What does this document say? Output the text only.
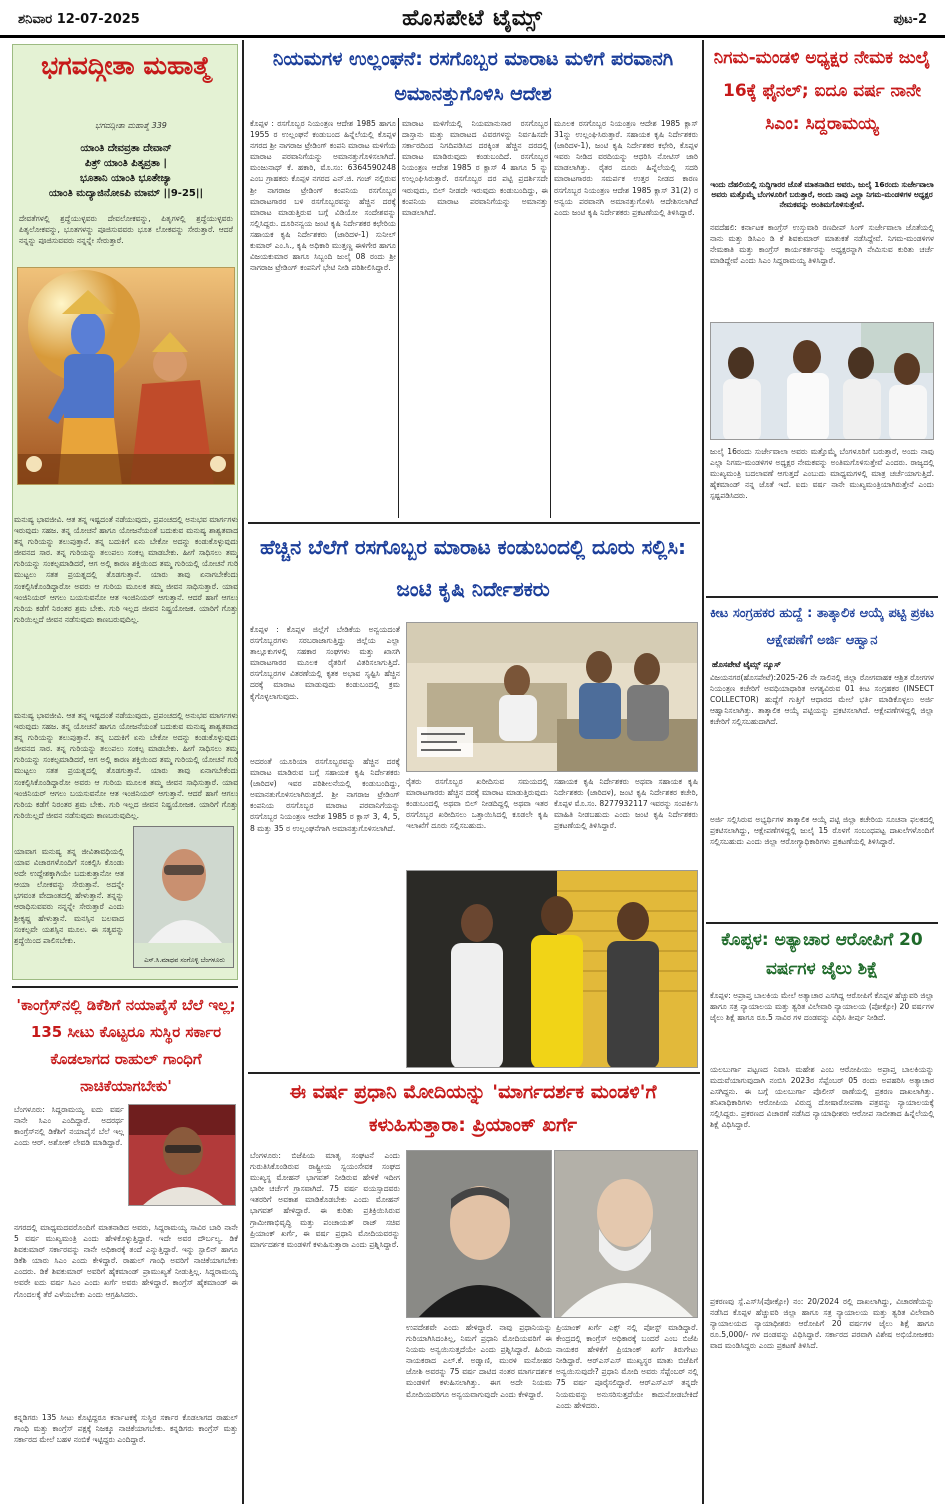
ಶನಿವಾರ 12-07-2025	ಹೊಸಪೇಟೆ ಟೈಮ್ಸ್	ಪುಟ-2
ಭಗವದ್ಗೀತಾ ಮಹಾತ್ಮೆ
ಭಗವದ್ಗೀತಾ ಮಹಾತ್ಮೆ 339
ಯಾಂತಿ ದೇವವ್ರತಾ ದೇವಾನ್
ಪಿತ್ರ್ ಯಾಂತಿ ಪಿತೃವ್ರತಾ |
ಭೂತಾನಿ ಯಾಂತಿ ಭೂತೇಜ್ಯಾ
ಯಾಂತಿ ಮದ್ಯಾಜಿನೋಽಪಿ ಮಾಮ್ ||9-25||
ದೇವತೆಗಳಲ್ಲಿ ಶ್ರದ್ಧೆಯುಳ್ಳವರು ದೇವಲೋಕವನ್ನು, ಪಿತೃಗಳಲ್ಲಿ ಶ್ರದ್ಧೆಯುಳ್ಳವರು ಪಿತೃಲೋಕವನ್ನು, ಭೂತಗಳನ್ನು ಪೂಜಿಸುವವರು ಭೂತ ಲೋಕವನ್ನು ಸೇರುತ್ತಾರೆ. ಆದರೆ ನನ್ನನ್ನು ಪೂಜಿಸುವವರು ನನ್ನನ್ನೇ ಸೇರುತ್ತಾರೆ.
ಮನುಷ್ಯ ಭಾವಜೀವಿ. ಆತ ತನ್ನ ಇಷ್ಟದಂತೆ ನಡೆಯುವುದು, ಪ್ರಪಂಚದಲ್ಲಿ ಅನುಭವ ಮಾರ್ಗಗಳು ಇರುವುದು ಸಹಜ. ತನ್ನ ಯೋಚನೆ ಹಾಗೂ ಯೋಜನೆಯಂತೆ ಬದುಕುವ ಮನುಷ್ಯ ಶಾಶ್ವತವಾದ ತನ್ನ ಗುರಿಯನ್ನು ತಲುಪುತ್ತಾನೆ. ತನ್ನ ಬದುಕಿಗೆ ಏನು ಬೇಕೋ ಅದನ್ನು ಕಂಡುಕೊಳ್ಳುವುದು ಜೀವನದ ಸಾರ. ತನ್ನ ಗುರಿಯನ್ನು ತಲುಪಲು ಸಂಕಲ್ಪ ಮಾಡಬೇಕು. ಹೀಗೆ ಸಾಧಿಸಲು ತಮ್ಮ ಗುರಿಯನ್ನು ಸಂಕಲ್ಪಮಾಡಿದರೆ, ಆಗ ಅಲ್ಲಿ ಕಾರಣ ಶಕ್ತಿಯಿಂದ ತಮ್ಮ ಗುರಿಯಲ್ಲಿ ಯೋಚನೆ ಗುರಿ ಮುಟ್ಟಲು ಸತತ ಪ್ರಯತ್ನದಲ್ಲಿ ತೊಡಗುತ್ತಾನೆ. ಯಾರು ತಾವು ಏನಾಗಬೇಕೆಂದು ಸಂಕಲ್ಪಿಸಿಕೊಂಡಿದ್ದಾರೋ ಅವರು ಆ ಗುರಿಯ ಮೂಲಕ ತಮ್ಮ ಜೀವನ ಸಾಧಿಸುತ್ತಾರೆ. ಯಾವ ಇಂಜಿನಿಯರ್ ಆಗಲು ಬಯಸುವನೋ ಆತ ಇಂಜಿನಿಯರ್ ಆಗುತ್ತಾನೆ. ಆದರೆ ಹಾಗೆ ಆಗಲು ಗುರಿಯ ಕಡೆಗೆ ನಿರಂತರ ಶ್ರಮ ಬೇಕು. ಗುರಿ ಇಲ್ಲದ ಜೀವನ ನಿಷ್ಪ್ರಯೋಜಕ. ಯಾರಿಗೆ ಗೊತ್ತು ಗುರಿಯಿಲ್ಲದೆ ಜೀವನ ನಡೆಸುವುದು ಕಾಣಬರುವುದಿಲ್ಲ.
ಮನುಷ್ಯ ಭಾವಜೀವಿ. ಆತ ತನ್ನ ಇಷ್ಟದಂತೆ ನಡೆಯುವುದು, ಪ್ರಪಂಚದಲ್ಲಿ ಅನುಭವ ಮಾರ್ಗಗಳು ಇರುವುದು ಸಹಜ. ತನ್ನ ಯೋಚನೆ ಹಾಗೂ ಯೋಜನೆಯಂತೆ ಬದುಕುವ ಮನುಷ್ಯ ಶಾಶ್ವತವಾದ ತನ್ನ ಗುರಿಯನ್ನು ತಲುಪುತ್ತಾನೆ. ತನ್ನ ಬದುಕಿಗೆ ಏನು ಬೇಕೋ ಅದನ್ನು ಕಂಡುಕೊಳ್ಳುವುದು ಜೀವನದ ಸಾರ. ತನ್ನ ಗುರಿಯನ್ನು ತಲುಪಲು ಸಂಕಲ್ಪ ಮಾಡಬೇಕು. ಹೀಗೆ ಸಾಧಿಸಲು ತಮ್ಮ ಗುರಿಯನ್ನು ಸಂಕಲ್ಪಮಾಡಿದರೆ, ಆಗ ಅಲ್ಲಿ ಕಾರಣ ಶಕ್ತಿಯಿಂದ ತಮ್ಮ ಗುರಿಯಲ್ಲಿ ಯೋಚನೆ ಗುರಿ ಮುಟ್ಟಲು ಸತತ ಪ್ರಯತ್ನದಲ್ಲಿ ತೊಡಗುತ್ತಾನೆ. ಯಾರು ತಾವು ಏನಾಗಬೇಕೆಂದು ಸಂಕಲ್ಪಿಸಿಕೊಂಡಿದ್ದಾರೋ ಅವರು ಆ ಗುರಿಯ ಮೂಲಕ ತಮ್ಮ ಜೀವನ ಸಾಧಿಸುತ್ತಾರೆ. ಯಾವ ಇಂಜಿನಿಯರ್ ಆಗಲು ಬಯಸುವನೋ ಆತ ಇಂಜಿನಿಯರ್ ಆಗುತ್ತಾನೆ. ಆದರೆ ಹಾಗೆ ಆಗಲು ಗುರಿಯ ಕಡೆಗೆ ನಿರಂತರ ಶ್ರಮ ಬೇಕು. ಗುರಿ ಇಲ್ಲದ ಜೀವನ ನಿಷ್ಪ್ರಯೋಜಕ. ಯಾರಿಗೆ ಗೊತ್ತು ಗುರಿಯಿಲ್ಲದೆ ಜೀವನ ನಡೆಸುವುದು ಕಾಣಬರುವುದಿಲ್ಲ.
ಯಾವಾಗ ಮನುಷ್ಯ ತನ್ನ ಜೀವಿತಾವಧಿಯಲ್ಲಿ ಯಾವ ವಿಚಾರಗಳೊಂದಿಗೆ ಸಂಕಲ್ಪಿಸಿ ಕೊಂಡು ಅದೇ ಉದ್ದೇಶಕ್ಕಾಗಿಯೇ ಬದುಕುತ್ತಾನೋ ಆತ ಆಯಾ ಲೋಕವನ್ನು ಸೇರುತ್ತಾನೆ. ಅದನ್ನೇ ಭಗವಂತ ವೇದಾಂತದಲ್ಲಿ ಹೇಳುತ್ತಾನೆ. ತನ್ನನ್ನು ಆರಾಧಿಸುವವರು ನನ್ನನ್ನೇ ಸೇರುತ್ತಾರೆ ಎಂದು ಶ್ರೀಕೃಷ್ಣ ಹೇಳುತ್ತಾನೆ. ಮನಸ್ಸಿನ ಬಲವಾದ ಸಂಕಲ್ಪವೇ ಯಶಸ್ಸಿನ ಮೂಲ. ಈ ಸತ್ಯವನ್ನು ಶ್ರದ್ಧೆಯಿಂದ ಪಾಲಿಸಬೇಕು.
ಎಸ್.ಸಿ.ಮಾಧವ ಸಂಗೊಳ್ಳಿ ಬೆಂಗಳೂರು
'ಕಾಂಗ್ರೆಸ್‌ನಲ್ಲಿ ಡಿಕೆಶಿಗೆ ನಯಾಪೈಸೆ ಬೆಲೆ ಇಲ್ಲ; 135 ಸೀಟು ಕೊಟ್ಟರೂ ಸುಸ್ಥಿರ ಸರ್ಕಾರ ಕೊಡಲಾಗದ ರಾಹುಲ್ ಗಾಂಧಿಗೆ ನಾಚಿಕೆಯಾಗಬೇಕು'
ಬೆಂಗಳೂರು: ಸಿದ್ದರಾಮಯ್ಯ ಐದು ವರ್ಷ ನಾನೇ ಸಿಎಂ ಎಂದಿದ್ದಾರೆ. ಅದರರ್ಥ ಕಾಂಗ್ರೆಸ್‌ನಲ್ಲಿ ಡಿಕೆಶಿಗೆ ನಯಾಪೈಸೆ ಬೆಲೆ ಇಲ್ಲ ಎಂದು ಆರ್. ಅಶೋಕ್ ಲೇವಡಿ ಮಾಡಿದ್ದಾರೆ.
ನಗರದಲ್ಲಿ ಮಾಧ್ಯಮದವರೊಂದಿಗೆ ಮಾತನಾಡಿದ ಅವರು, ಸಿದ್ದರಾಮಯ್ಯ ಸಾವಿರ ಬಾರಿ ನಾನೇ 5 ವರ್ಷ ಮುಖ್ಯಮಂತ್ರಿ ಎಂದು ಹೇಳಿಕೊಳ್ಳುತ್ತಿದ್ದಾರೆ. ಇದೇ ಅವರ ದೌರ್ಬಲ್ಯ. ಡಿಕೆ ಶಿವಕುಮಾರ್ ಸರ್ಕಾರವನ್ನು ನಾನೇ ಅಧಿಕಾರಕ್ಕೆ ತಂದೆ ಎನ್ನುತ್ತಿದ್ದಾರೆ. ಇನ್ನು ಸ್ಟಾಲಿನ್ ಹಾಗೂ ಡಿಕೆಶಿ ಯಾರು ಸಿಎಂ ಎಂದು ಕೇಳಿದ್ದಾರೆ. ರಾಹುಲ್ ಗಾಂಧಿ ಅವರಿಗೆ ನಾಚಿಕೆಯಾಗಬೇಕು ಎಂದರು. ಡಿಕೆ ಶಿವಕುಮಾರ್ ಅವರಿಗೆ ಹೈಕಮಾಂಡ್ ಪ್ರಾಮುಖ್ಯತೆ ನೀಡುತ್ತಿಲ್ಲ. ಸಿದ್ದರಾಮಯ್ಯ ಅವರೇ ಐದು ವರ್ಷ ಸಿಎಂ ಎಂದು ಖರ್ಗೆ ಅವರು ಹೇಳಿದ್ದಾರೆ. ಕಾಂಗ್ರೆಸ್ ಹೈಕಮಾಂಡ್ ಈ ಗೊಂದಲಕ್ಕೆ ತೆರೆ ಎಳೆಯಬೇಕು ಎಂದು ಆಗ್ರಹಿಸಿದರು.
ಕನ್ನಡಿಗರು 135 ಸೀಟು ಕೊಟ್ಟಿದ್ದರೂ ಕರ್ನಾಟಕಕ್ಕೆ ಸುಸ್ಥಿರ ಸರ್ಕಾರ ಕೊಡಲಾಗದ ರಾಹುಲ್ ಗಾಂಧಿ ಮತ್ತು ಕಾಂಗ್ರೆಸ್ ಪಕ್ಷಕ್ಕೆ ನಿಜಕ್ಕೂ ನಾಚಿಕೆಯಾಗಬೇಕು. ಕನ್ನಡಿಗರು ಕಾಂಗ್ರೆಸ್ ಮತ್ತು ಸರ್ಕಾರದ ಮೇಲೆ ಬಹಳ ನಂಬಿಕೆ ಇಟ್ಟಿದ್ದರು ಎಂದಿದ್ದಾರೆ.
ನಿಯಮಗಳ ಉಲ್ಲಂಘನೆ: ರಸಗೊಬ್ಬರ ಮಾರಾಟ ಮಳಿಗೆ ಪರವಾನಗಿ ಅಮಾನತ್ತುಗೊಳಿಸಿ ಆದೇಶ
ಕೊಪ್ಪಳ : ರಸಗೊಬ್ಬರ ನಿಯಂತ್ರಣ ಆದೇಶ 1985 ಹಾಗೂ 1955 ರ ಉಲ್ಲಂಘನೆ ಕಂಡುಬಂದ ಹಿನ್ನೆಲೆಯಲ್ಲಿ ಕೊಪ್ಪಳ ನಗರದ ಶ್ರೀ ನಾಗರಾಜ ಟ್ರೇಡಿಂಗ್ ಕಂಪನಿ ಮಾರಾಟ ಮಳಿಗೆಯ ಮಾರಾಟ ಪರವಾನಿಗೆಯನ್ನು ಅಮಾನತ್ತುಗೊಳಿಸಲಾಗಿದೆ. ಮಂಜುನಾಥ್ ಕೆ. ಹಕಾರಿ, ಮೊ.ಸಂ: 6364590248 ಎಂಬ ಗ್ರಾಹಕರು ಕೊಪ್ಪಳ ನಗರದ ಎನ್.ಜಿ. ಗಂಜ್ ನಲ್ಲಿರುವ ಶ್ರೀ ನಾಗರಾಜ ಟ್ರೇಡಿಂಗ್ ಕಂಪನಿಯ ರಸಗೊಬ್ಬರ ಮಾರಾಟಗಾರರ ಬಳಿ ರಸಗೊಬ್ಬರವನ್ನು ಹೆಚ್ಚಿನ ದರಕ್ಕೆ ಮಾರಾಟ ಮಾಡುತ್ತಿರುವ ಬಗ್ಗೆ ವಿಡಿಯೋ ಸಂದೇಶವನ್ನು ಸಲ್ಲಿಸಿದ್ದರು. ದೂರಿನನ್ವಯ ಜಂಟಿ ಕೃಷಿ ನಿರ್ದೇಶಕರ ಕಛೇರಿಯ ಸಹಾಯಕ ಕೃಷಿ ನಿರ್ದೇಶಕರು (ಜಾರಿದಳ-1) ಸುನೀಲ್ ಕುಮಾರ್ ಎಂ.ಸಿ., ಕೃಷಿ ಅಧಿಕಾರಿ ಮುತ್ತಣ್ಣ ಈಳಿಗೇರ ಹಾಗೂ ವಿಜಯಕುಮಾರ ಹಾಗೂ ಸಿಬ್ಬಂದಿ ಜುಲೈ 08 ರಂದು ಶ್ರೀ ನಾಗರಾಜ ಟ್ರೇಡಿಂಗ್ ಕಂಪನಿಗೆ ಭೇಟಿ ನೀಡಿ ಪರಿಶೀಲಿಸಿದ್ದಾರೆ.
ಮಾರಾಟ ಮಳಿಗೆಯಲ್ಲಿ ನಿಯಮಾನುಸಾರ ರಸಗೊಬ್ಬರ ದಾಸ್ತಾನು ಮತ್ತು ಮಾರಾಟದ ವಿವರಗಳನ್ನು ನಿರ್ವಹಿಸದೇ ಸರ್ಕಾರದಿಂದ ನಿಗದಿಪಡಿಸಿದ ದರಕ್ಕಿಂತ ಹೆಚ್ಚಿನ ದರದಲ್ಲಿ ಮಾರಾಟ ಮಾಡಿರುವುದು ಕಂಡುಬಂದಿದೆ. ರಸಗೊಬ್ಬರ ನಿಯಂತ್ರಣ ಆದೇಶ 1985 ರ ಕ್ಲಾಸ್ 4 ಹಾಗೂ 5 ನ್ನು ಉಲ್ಲಂಘಿಸಿರುತ್ತಾರೆ. ರಸಗೊಬ್ಬರ ದರ ಪಟ್ಟಿ ಪ್ರದರ್ಶಿಸದೇ ಇರುವುದು, ಬಿಲ್ ನೀಡದೇ ಇರುವುದು ಕಂಡುಬಂದಿದ್ದು, ಈ ಕಂಪನಿಯ ಮಾರಾಟ ಪರವಾನಿಗೆಯನ್ನು ಅಮಾನತ್ತು ಮಾಡಲಾಗಿದೆ.
ಮೂಲಕ ರಸಗೊಬ್ಬರ ನಿಯಂತ್ರಣ ಆದೇಶ 1985 ಕ್ಲಾಸ್ 31ನ್ನು ಉಲ್ಲಂಘಿಸಿರುತ್ತಾರೆ. ಸಹಾಯಕ ಕೃಷಿ ನಿರ್ದೇಶಕರು (ಜಾರಿದಳ-1), ಜಂಟಿ ಕೃಷಿ ನಿರ್ದೇಶಕರ ಕಛೇರಿ, ಕೊಪ್ಪಳ ಇವರು ನೀಡಿದ ವರದಿಯನ್ನು ಆಧರಿಸಿ ನೋಟಿಸ್ ಜಾರಿ ಮಾಡಲಾಗಿತ್ತು. ರೈತರ ದೂರು ಹಿನ್ನೆಲೆಯಲ್ಲಿ ಸದರಿ ಮಾರಾಟಗಾರರು ಸಮರ್ಪಕ ಉತ್ತರ ನೀಡದ ಕಾರಣ ರಸಗೊಬ್ಬರ ನಿಯಂತ್ರಣ ಆದೇಶ 1985 ಕ್ಲಾಸ್ 31(2) ರ ಅನ್ವಯ ಪರವಾನಗಿ ಅಮಾನತ್ತುಗೊಳಿಸಿ ಆದೇಶಿಸಲಾಗಿದೆ ಎಂದು ಜಂಟಿ ಕೃಷಿ ನಿರ್ದೇಶಕರು ಪ್ರಕಟಣೆಯಲ್ಲಿ ತಿಳಿಸಿದ್ದಾರೆ.
ಹೆಚ್ಚಿನ ಬೆಲೆಗೆ ರಸಗೊಬ್ಬರ ಮಾರಾಟ ಕಂಡುಬಂದಲ್ಲಿ ದೂರು ಸಲ್ಲಿಸಿ: ಜಂಟಿ ಕೃಷಿ ನಿರ್ದೇಶಕರು
ಕೊಪ್ಪಳ : ಕೊಪ್ಪಳ ಜಿಲ್ಲೆಗೆ ಬೇಡಿಕೆಯ ಅನ್ವಯದಂತೆ ರಸಗೊಬ್ಬರಗಳು ಸರಬರಾಜಾಗುತ್ತಿದ್ದು ಜಿಲ್ಲೆಯ ಎಲ್ಲಾ ತಾಲ್ಲೂಕುಗಳಲ್ಲಿ ಸಹಕಾರ ಸಂಘಗಳು ಮತ್ತು ಖಾಸಗಿ ಮಾರಾಟಗಾರರ ಮೂಲಕ ರೈತರಿಗೆ ವಿತರಿಸಲಾಗುತ್ತಿದೆ. ರಸಗೊಬ್ಬರಗಳ ವಿತರಣೆಯಲ್ಲಿ ಕೃತಕ ಅಭಾವ ಸೃಷ್ಟಿಸಿ ಹೆಚ್ಚಿನ ದರಕ್ಕೆ ಮಾರಾಟ ಮಾಡುವುದು ಕಂಡುಬಂದಲ್ಲಿ ಕ್ರಮ ಕೈಗೊಳ್ಳಲಾಗುವುದು.
ಅದರಂತೆ ಯೂರಿಯಾ ರಸಗೊಬ್ಬರವನ್ನು ಹೆಚ್ಚಿನ ದರಕ್ಕೆ ಮಾರಾಟ ಮಾಡಿರುವ ಬಗ್ಗೆ ಸಹಾಯಕ ಕೃಷಿ ನಿರ್ದೇಶಕರು (ಜಾರಿದಳ) ಇವರ ಪರಿಶೀಲನೆಯಲ್ಲಿ ಕಂಡುಬಂದಿದ್ದು, ಅಮಾನತುಗೊಳಿಸಲಾಗಿರುತ್ತದೆ. ಶ್ರೀ ನಾಗರಾಜ ಟ್ರೇಡಿಂಗ್ ಕಂಪನಿಯ ರಸಗೊಬ್ಬರ ಮಾರಾಟ ಪರವಾನಿಗೆಯನ್ನು ರಸಗೊಬ್ಬರ ನಿಯಂತ್ರಣ ಆದೇಶ 1985 ರ ಕ್ಲಾಸ್ 3, 4, 5, 8 ಮತ್ತು 35 ರ ಉಲ್ಲಂಘನೆಗಾಗಿ ಅಮಾನತ್ತುಗೊಳಿಸಲಾಗಿದೆ.
ರೈತರು ರಸಗೊಬ್ಬರ ಖರೀದಿಸುವ ಸಮಯದಲ್ಲಿ ಮಾರಾಟಗಾರರು ಹೆಚ್ಚಿನ ದರಕ್ಕೆ ಮಾರಾಟ ಮಾಡುತ್ತಿರುವುದು ಕಂಡುಬಂದಲ್ಲಿ ಅಥವಾ ಬಿಲ್ ನೀಡದಿದ್ದಲ್ಲಿ ಅಥವಾ ಇತರ ರಸಗೊಬ್ಬರ ಖರೀದಿಸಲು ಒತ್ತಾಯಿಸಿದಲ್ಲಿ ಕೂಡಲೇ ಕೃಷಿ ಇಲಾಖೆಗೆ ದೂರು ಸಲ್ಲಿಸಬಹುದು.
ಸಹಾಯಕ ಕೃಷಿ ನಿರ್ದೇಶಕರು ಅಥವಾ ಸಹಾಯಕ ಕೃಷಿ ನಿರ್ದೇಶಕರು (ಜಾರಿದಳ), ಜಂಟಿ ಕೃಷಿ ನಿರ್ದೇಶಕರ ಕಚೇರಿ, ಕೊಪ್ಪಳ ಮೊ.ಸಂ. 8277932117 ಇವರನ್ನು ಸಂಪರ್ಕಿಸಿ ಮಾಹಿತಿ ನೀಡಬಹುದು ಎಂದು ಜಂಟಿ ಕೃಷಿ ನಿರ್ದೇಶಕರು ಪ್ರಕಟಣೆಯಲ್ಲಿ ತಿಳಿಸಿದ್ದಾರೆ.
ಈ ವರ್ಷ ಪ್ರಧಾನಿ ಮೋದಿಯನ್ನು 'ಮಾರ್ಗದರ್ಶಕ ಮಂಡಳಿ'ಗೆ ಕಳುಹಿಸುತ್ತಾರಾ: ಪ್ರಿಯಾಂಕ್ ಖರ್ಗೆ
ಬೆಂಗಳೂರು: ಬಿಜೆಪಿಯ ಮಾತೃ ಸಂಘಟನೆ ಎಂದು ಗುರುತಿಸಿಕೊಂಡಿರುವ ರಾಷ್ಟ್ರೀಯ ಸ್ವಯಂಸೇವಕ ಸಂಘದ ಮುಖ್ಯಸ್ಥ ಮೋಹನ್ ಭಾಗವತ್ ನೀಡಿರುವ ಹೇಳಿಕೆ ಇದೀಗ ಭಾರೀ ಚರ್ಚೆಗೆ ಗ್ರಾಸವಾಗಿದೆ. 75 ವರ್ಷ ವಯಸ್ಸಾದವರು ಇತರರಿಗೆ ಅವಕಾಶ ಮಾಡಿಕೊಡಬೇಕು ಎಂದು ಮೋಹನ್ ಭಾಗವತ್ ಹೇಳಿದ್ದಾರೆ. ಈ ಕುರಿತು ಪ್ರತಿಕ್ರಿಯಿಸಿರುವ ಗ್ರಾಮೀಣಾಭಿವೃದ್ಧಿ ಮತ್ತು ಪಂಚಾಯತ್ ರಾಜ್ ಸಚಿವ ಪ್ರಿಯಾಂಕ್ ಖರ್ಗೆ, ಈ ವರ್ಷ ಪ್ರಧಾನಿ ಮೋದಿಯವರನ್ನು ಮಾರ್ಗದರ್ಶಕ ಮಂಡಳಿಗೆ ಕಳುಹಿಸುತ್ತಾರಾ ಎಂದು ಪ್ರಶ್ನಿಸಿದ್ದಾರೆ.
ಉಪದೇಶವೇ ಎಂದು ಹೇಳಿದ್ದಾರೆ. ನಾವು ಪ್ರಧಾನಿಯನ್ನು ಗುರಿಯಾಗಿಸಿದಂತಿಲ್ಲ, ನಿಮಗೆ ಪ್ರಧಾನಿ ಮೋದಿಯವರಿಗೆ ಈ ನಿಯಮ ಅನ್ವಯಿಸುತ್ತದೆಯೇ ಎಂದು ಪ್ರಶ್ನಿಸಿದ್ದಾರೆ. ಹಿರಿಯ ನಾಯಕರಾದ ಎಲ್.ಕೆ. ಅಡ್ವಾಣಿ, ಮುರಳಿ ಮನೋಹರ ಜೋಶಿ ಅವರನ್ನು 75 ವರ್ಷ ದಾಟಿದ ನಂತರ ಮಾರ್ಗದರ್ಶಕ ಮಂಡಳಿಗೆ ಕಳುಹಿಸಲಾಗಿತ್ತು. ಈಗ ಅದೇ ನಿಯಮ ಮೋದಿಯವರಿಗೂ ಅನ್ವಯವಾಗುವುದೇ ಎಂದು ಕೇಳಿದ್ದಾರೆ.
ಪ್ರಿಯಾಂಕ್ ಖರ್ಗೆ ಎಕ್ಸ್ ನಲ್ಲಿ ಪೋಸ್ಟ್ ಮಾಡಿದ್ದಾರೆ. ಕೇಂದ್ರದಲ್ಲಿ ಕಾಂಗ್ರೆಸ್ ಅಧಿಕಾರಕ್ಕೆ ಬಂದರೆ ಎಂಬ ಬಿಜೆಪಿ ನಾಯಕರ ಹೇಳಿಕೆಗೆ ಪ್ರಿಯಾಂಕ್ ಖರ್ಗೆ ತಿರುಗೇಟು ನೀಡಿದ್ದಾರೆ. ಆರ್‌ಎಸ್‌ಎಸ್ ಮುಖ್ಯಸ್ಥರ ಮಾತು ಬಿಜೆಪಿಗೆ ಅನ್ವಯಿಸುವುದೇ? ಪ್ರಧಾನಿ ಮೋದಿ ಅವರು ಸೆಪ್ಟೆಂಬರ್ ನಲ್ಲಿ 75 ವರ್ಷ ಪೂರೈಸಲಿದ್ದಾರೆ. ಆರ್‌ಎಸ್‌ಎಸ್ ತನ್ನದೇ ನಿಯಮವನ್ನು ಅನುಸರಿಸುತ್ತದೆಯೇ ಕಾದುನೋಡಬೇಕಿದೆ ಎಂದು ಹೇಳಿದರು.
ನಿಗಮ-ಮಂಡಳಿ ಅಧ್ಯಕ್ಷರ ನೇಮಕ ಜುಲೈ 16ಕ್ಕೆ ಫೈನಲ್; ಐದೂ ವರ್ಷ ನಾನೇ ಸಿಎಂ: ಸಿದ್ದರಾಮಯ್ಯ
ಇಂದು ದೆಹಲಿಯಲ್ಲಿ ಸುದ್ದಿಗಾರರ ಜೊತೆ ಮಾತನಾಡಿದ ಅವರು, ಜುಲೈ 16ರಂದು ಸುರ್ಜೇವಾಲಾ ಅವರು ಮತ್ತೊಮ್ಮೆ ಬೆಂಗಳೂರಿಗೆ ಬರುತ್ತಾರೆ, ಅಂದು ನಾವು ಎಲ್ಲಾ ನಿಗಮ-ಮಂಡಳಿಗಳ ಅಧ್ಯಕ್ಷರ ನೇಮಕವನ್ನು ಅಂತಿಮಗೊಳಿಸುತ್ತೇವೆ.
ನವದೆಹಲಿ: ಕರ್ನಾಟಕ ಕಾಂಗ್ರೆಸ್ ಉಸ್ತುವಾರಿ ರಣದೀಪ್ ಸಿಂಗ್ ಸುರ್ಜೇವಾಲಾ ಜೊತೆಯಲ್ಲಿ ನಾನು ಮತ್ತು ಡಿಸಿಎಂ ಡಿ ಕೆ ಶಿವಕುಮಾರ್ ಮಾತುಕತೆ ನಡೆಸಿದ್ದೇವೆ. ನಿಗಮ-ಮಂಡಳಿಗಳ ನೇಮಕಾತಿ ಮತ್ತು ಕಾಂಗ್ರೆಸ್ ಕಾರ್ಯಕರ್ತರನ್ನು ಅಧ್ಯಕ್ಷರನ್ನಾಗಿ ನೇಮಿಸುವ ಕುರಿತು ಚರ್ಚೆ ಮಾಡಿದ್ದೇವೆ ಎಂದು ಸಿಎಂ ಸಿದ್ದರಾಮಯ್ಯ ತಿಳಿಸಿದ್ದಾರೆ.
ಜುಲೈ 16ರಂದು ಸುರ್ಜೇವಾಲಾ ಅವರು ಮತ್ತೊಮ್ಮೆ ಬೆಂಗಳೂರಿಗೆ ಬರುತ್ತಾರೆ, ಅಂದು ನಾವು ಎಲ್ಲಾ ನಿಗಮ-ಮಂಡಳಿಗಳ ಅಧ್ಯಕ್ಷರ ನೇಮಕವನ್ನು ಅಂತಿಮಗೊಳಿಸುತ್ತೇವೆ ಎಂದರು. ರಾಜ್ಯದಲ್ಲಿ ಮುಖ್ಯಮಂತ್ರಿ ಬದಲಾವಣೆ ಆಗುತ್ತದೆ ಎಂಬುದು ಮಾಧ್ಯಮಗಳಲ್ಲಿ ಮಾತ್ರ ಚರ್ಚೆಯಾಗುತ್ತಿದೆ. ಹೈಕಮಾಂಡ್ ನನ್ನ ಜೊತೆ ಇದೆ. ಐದು ವರ್ಷ ನಾನೇ ಮುಖ್ಯಮಂತ್ರಿಯಾಗಿರುತ್ತೇನೆ ಎಂದು ಸ್ಪಷ್ಟಪಡಿಸಿದರು.
ಕೀಟ ಸಂಗ್ರಹಕರ ಹುದ್ದೆ : ತಾತ್ಕಾಲಿಕ ಆಯ್ಕೆ ಪಟ್ಟಿ ಪ್ರಕಟ ಆಕ್ಷೇಪಣೆಗೆ ಅರ್ಜಿ ಆಹ್ವಾನ
ಹೊಸಪೇಟೆ ಟೈಮ್ಸ್ ನ್ಯೂಸ್
ವಿಜಯನಗರ(ಹೊಸಪೇಟೆ):2025-26 ನೇ ಸಾಲಿನಲ್ಲಿ ಜಿಲ್ಲಾ ರೋಗವಾಹಕ ಆಶ್ರಿತ ರೋಗಗಳ ನಿಯಂತ್ರಣ ಕಚೇರಿಗೆ ಅವಧಿಯಾಧಾರಿತ ಅಗತ್ಯವಿರುವ 01 ಕೀಟ ಸಂಗ್ರಹಕರ (INSECT COLLECTOR) ಹುದ್ದೆಗೆ ಗುತ್ತಿಗೆ ಆಧಾರದ ಮೇಲೆ ಭರ್ತಿ ಮಾಡಿಕೊಳ್ಳಲು ಅರ್ಜಿ ಆಹ್ವಾನಿಸಲಾಗಿತ್ತು. ತಾತ್ಕಾಲಿಕ ಆಯ್ಕೆ ಪಟ್ಟಿಯನ್ನು ಪ್ರಕಟಿಸಲಾಗಿದೆ. ಆಕ್ಷೇಪಣೆಗಳಿದ್ದಲ್ಲಿ ಜಿಲ್ಲಾ ಕಚೇರಿಗೆ ಸಲ್ಲಿಸಬಹುದಾಗಿದೆ.
ಅರ್ಜಿ ಸಲ್ಲಿಸಿರುವ ಅಭ್ಯರ್ಥಿಗಳ ತಾತ್ಕಾಲಿಕ ಆಯ್ಕೆ ಪಟ್ಟಿ ಜಿಲ್ಲಾ ಕಚೇರಿಯ ಸೂಚನಾ ಫಲಕದಲ್ಲಿ ಪ್ರಕಟಿಸಲಾಗಿದ್ದು, ಆಕ್ಷೇಪಣೆಗಳಿದ್ದಲ್ಲಿ ಜುಲೈ 15 ರೊಳಗೆ ಸಂಬಂಧಪಟ್ಟ ದಾಖಲೆಗಳೊಂದಿಗೆ ಸಲ್ಲಿಸಬಹುದು ಎಂದು ಜಿಲ್ಲಾ ಆರೋಗ್ಯಾಧಿಕಾರಿಗಳು ಪ್ರಕಟಣೆಯಲ್ಲಿ ತಿಳಿಸಿದ್ದಾರೆ.
ಕೊಪ್ಪಳ: ಅತ್ಯಾಚಾರ ಆರೋಪಿಗೆ 20 ವರ್ಷಗಳ ಜೈಲು ಶಿಕ್ಷೆ
ಕೊಪ್ಪಳ: ಅಪ್ರಾಪ್ತ ಬಾಲಕಿಯ ಮೇಲೆ ಅತ್ಯಾಚಾರ ಎಸಗಿದ್ದ ಆರೋಪಿಗೆ ಕೊಪ್ಪಳ ಹೆಚ್ಚುವರಿ ಜಿಲ್ಲಾ ಹಾಗೂ ಸತ್ರ ನ್ಯಾಯಾಲಯ ಮತ್ತು ತ್ವರಿತ ವಿಲೇವಾರಿ ನ್ಯಾಯಾಲಯ (ಪೋಕ್ಸೋ) 20 ವರ್ಷಗಳ ಜೈಲು ಶಿಕ್ಷೆ ಹಾಗೂ ರೂ.5 ಸಾವಿರ ಗಳ ದಂಡವನ್ನು ವಿಧಿಸಿ ತೀರ್ಪು ನೀಡಿದೆ.
ಯಲಬುರ್ಗಾ ಪಟ್ಟಣದ ನಿವಾಸಿ ಮಹೇಶ ಎಂಬ ಆರೋಪಿಯು ಅಪ್ರಾಪ್ತ ಬಾಲಕಿಯನ್ನು ಮದುವೆಯಾಗುವುದಾಗಿ ನಂಬಿಸಿ 2023ರ ಸೆಪ್ಟೆಂಬರ್ 05 ರಂದು ಅಪಹರಿಸಿ ಅತ್ಯಾಚಾರ ಎಸಗಿದ್ದನು. ಈ ಬಗ್ಗೆ ಯಲಬುರ್ಗಾ ಪೊಲೀಸ್ ಠಾಣೆಯಲ್ಲಿ ಪ್ರಕರಣ ದಾಖಲಾಗಿತ್ತು. ತನಿಖಾಧಿಕಾರಿಗಳು ಆರೋಪಿಯ ವಿರುದ್ಧ ದೋಷಾರೋಪಣಾ ಪತ್ರವನ್ನು ನ್ಯಾಯಾಲಯಕ್ಕೆ ಸಲ್ಲಿಸಿದ್ದರು. ಪ್ರಕರಣದ ವಿಚಾರಣೆ ನಡೆಸಿದ ನ್ಯಾಯಾಧೀಶರು ಆರೋಪ ಸಾಬೀತಾದ ಹಿನ್ನೆಲೆಯಲ್ಲಿ ಶಿಕ್ಷೆ ವಿಧಿಸಿದ್ದಾರೆ.
ಪ್ರಕರಣವು ಸ್ಪೆ.ಎಸ್‌ಸಿ(ಪೋಕ್ಸೋ) ನಂ: 20/2024 ರಲ್ಲಿ ದಾಖಲಾಗಿದ್ದು, ವಿಚಾರಣೆಯನ್ನು ನಡೆಸಿದ ಕೊಪ್ಪಳ ಹೆಚ್ಚುವರಿ ಜಿಲ್ಲಾ ಹಾಗೂ ಸತ್ರ ನ್ಯಾಯಾಲಯ ಮತ್ತು ತ್ವರಿತ ವಿಲೇವಾರಿ ನ್ಯಾಯಾಲಯದ ನ್ಯಾಯಾಧೀಶರು ಆರೋಪಿಗೆ 20 ವರ್ಷಗಳ ಜೈಲು ಶಿಕ್ಷೆ ಹಾಗೂ ರೂ.5,000/- ಗಳ ದಂಡವನ್ನು ವಿಧಿಸಿದ್ದಾರೆ. ಸರ್ಕಾರದ ಪರವಾಗಿ ವಿಶೇಷ ಅಭಿಯೋಜಕರು ವಾದ ಮಂಡಿಸಿದ್ದರು ಎಂದು ಪ್ರಕಟಣೆ ತಿಳಿಸಿದೆ.
